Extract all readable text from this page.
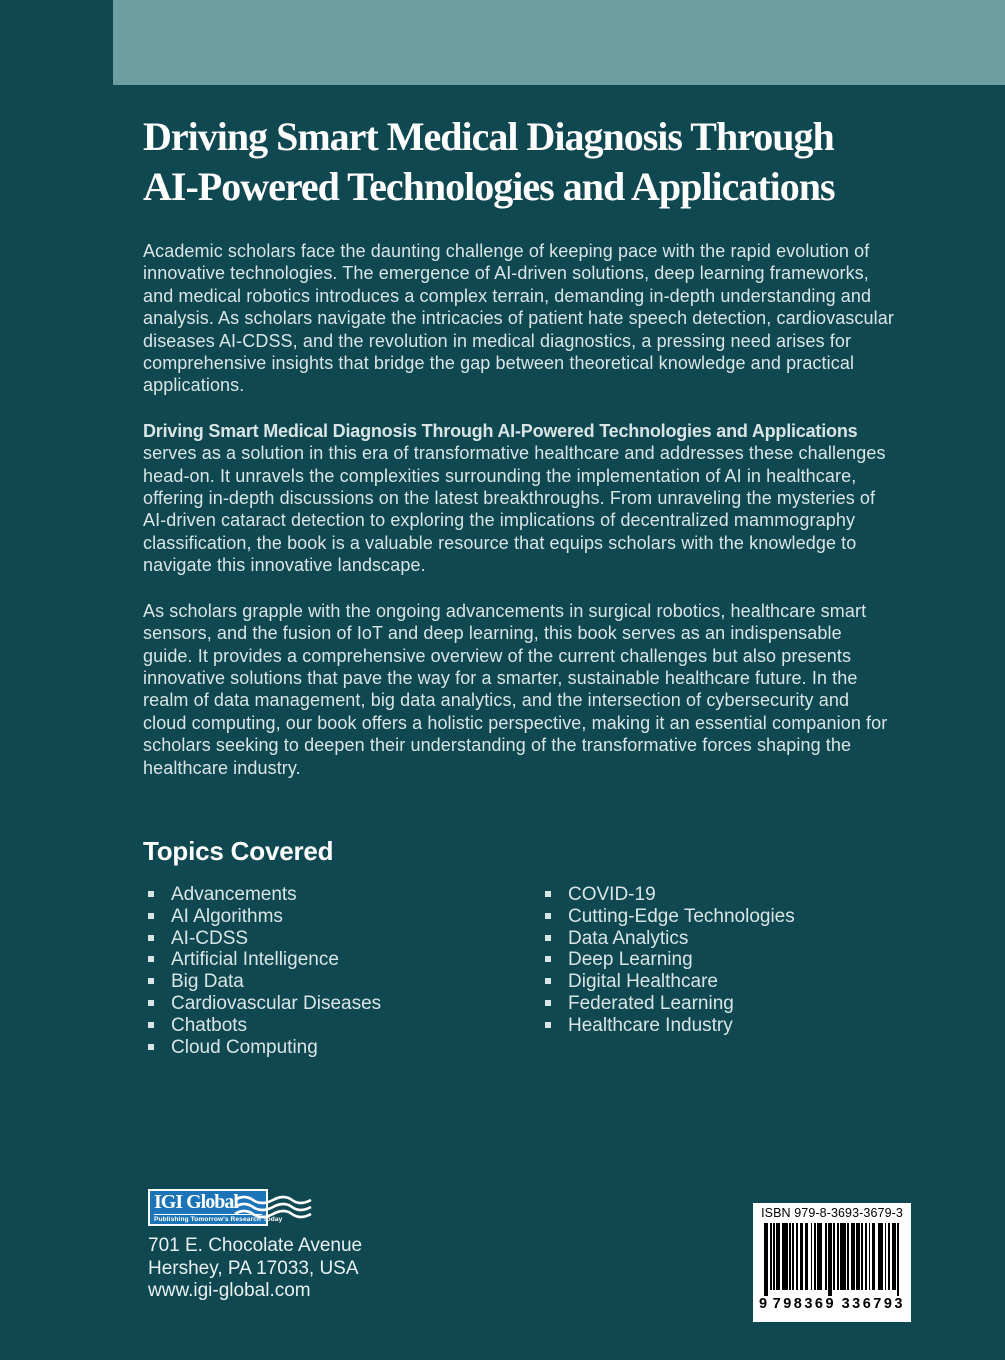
Driving Smart Medical Diagnosis Through
AI-Powered Technologies and Applications

Academic scholars face the daunting challenge of keeping pace with the rapid evolution of innovative technologies. The emergence of AI-driven solutions, deep learning frameworks, and medical robotics introduces a complex terrain, demanding in-depth understanding and analysis. As scholars navigate the intricacies of patient hate speech detection, cardiovascular diseases AI-CDSS, and the revolution in medical diagnostics, a pressing need arises for comprehensive insights that bridge the gap between theoretical knowledge and practical applications.

Driving Smart Medical Diagnosis Through AI-Powered Technologies and Applications serves as a solution in this era of transformative healthcare and addresses these challenges head-on. It unravels the complexities surrounding the implementation of AI in healthcare, offering in-depth discussions on the latest breakthroughs. From unraveling the mysteries of AI-driven cataract detection to exploring the implications of decentralized mammography classification, the book is a valuable resource that equips scholars with the knowledge to navigate this innovative landscape.

As scholars grapple with the ongoing advancements in surgical robotics, healthcare smart sensors, and the fusion of IoT and deep learning, this book serves as an indispensable guide. It provides a comprehensive overview of the current challenges but also presents innovative solutions that pave the way for a smarter, sustainable healthcare future. In the realm of data management, big data analytics, and the intersection of cybersecurity and cloud computing, our book offers a holistic perspective, making it an essential companion for scholars seeking to deepen their understanding of the transformative forces shaping the healthcare industry.

Topics Covered
Advancements
AI Algorithms
AI-CDSS
Artificial Intelligence
Big Data
Cardiovascular Diseases
Chatbots
Cloud Computing
COVID-19
Cutting-Edge Technologies
Data Analytics
Deep Learning
Digital Healthcare
Federated Learning
Healthcare Industry
IGI Global
Publishing Tomorrow's Research Today
701 E. Chocolate Avenue
Hershey, PA 17033, USA
www.igi-global.com
ISBN 979-8-3693-3679-3
9 798369 336793
